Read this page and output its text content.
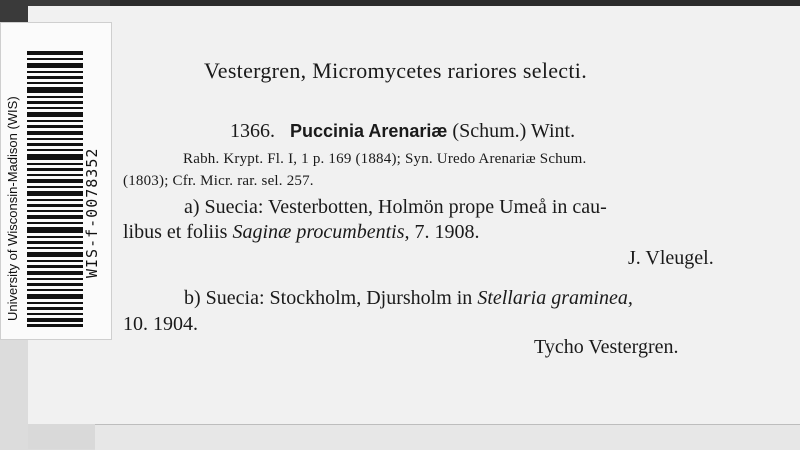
University of Wisconsin-Madison (WIS)	WIS-f-0078352
Vestergren, Micromycetes rariores selecti.
1366. Puccinia Arenariæ (Schum.) Wint.
Rabh. Krypt. Fl. I, 1 p. 169 (1884); Syn. Uredo Arenariæ Schum.
(1803); Cfr. Micr. rar. sel. 257.
a) Suecia: Vesterbotten, Holmön prope Umeå in cau-
libus et foliis Saginæ procumbentis, 7. 1908.
J. Vleugel.
b) Suecia: Stockholm, Djursholm in Stellaria graminea,
10. 1904.
Tycho Vestergren.
